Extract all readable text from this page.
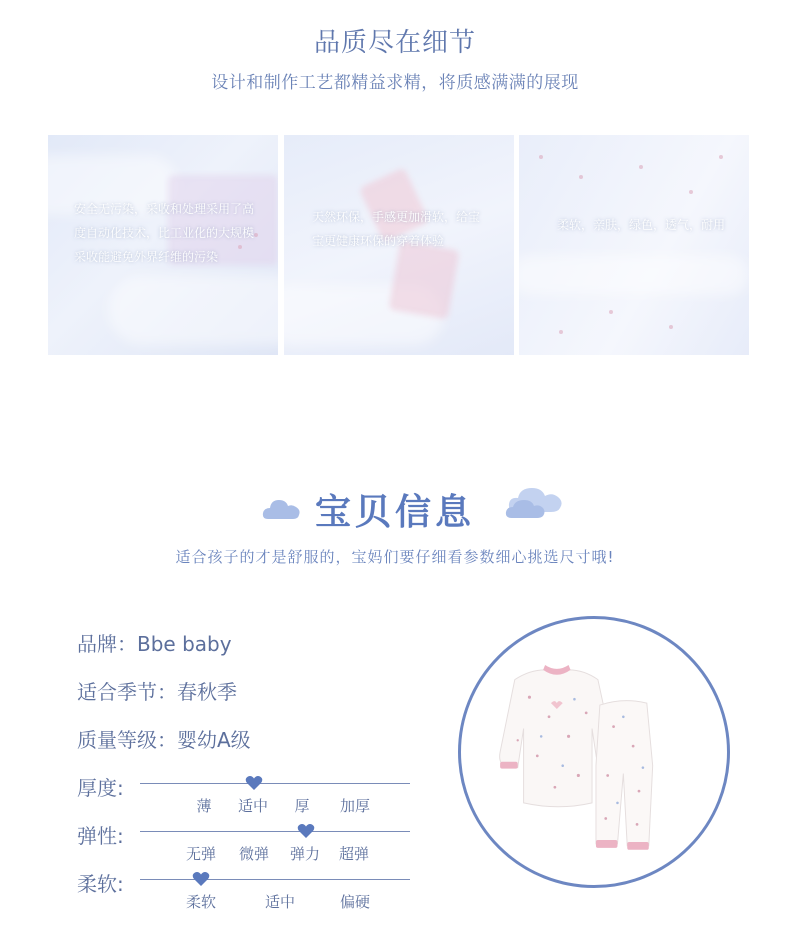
品质尽在细节
设计和制作工艺都精益求精，将质感满满的展现
安全无污染，采收和处理采用了高度自动化技术，比工业化的大规模采收能避免外界纤维的污染
天然环保，手感更加滑软，给宝宝更健康环保的穿着体验
柔软，亲肤，绿色，透气，耐用
宝贝信息
适合孩子的才是舒服的，宝妈们要仔细看参数细心挑选尺寸哦!
品牌：Bbe baby
适合季节：春秋季
质量等级：婴幼A级
厚度:
薄 适中 厚 加厚
弹性:
无弹 微弹 弹力 超弹
柔软:
柔软	适中	偏硬
